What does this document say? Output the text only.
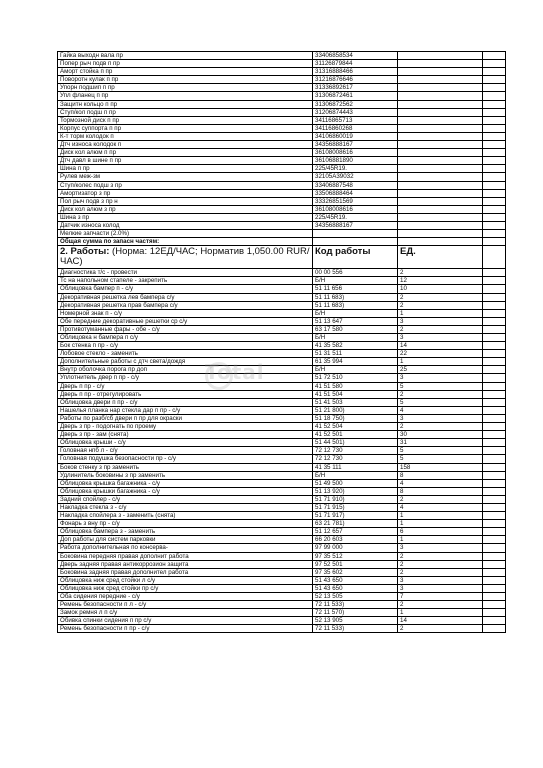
Гайка выходн вала пр	33406858534		
Попер рыч подв п пр	31126879844		
Аморт стойка п пр	31316888466		
Поворотн кулак п пр	31216876646		
Упорн подшип п пр	31336892617		
Упл фланец п пр	31306872461		
Защитн кольцо п пр	31306872562		
Ступ/кол подш п пр	31206874443		
Тормозной диск п пр	34116865713		
Корпус суппорта п пр	34116860268		
К-т торм колодок п	34106860019		
Дтч износа колодок п	34356888167		
Диск кол алюм п пр	36108008616		
Дтч давл в шине п пр	36106881890		
Шина п пр	225/45R19.		
Рулев меж-зм	32105A39032		
Ступ/колес подш з пр	33406887548		
Амортизатор з пр	33506888464		
Пол рыч подв з пр н	33326851569		
Диск кол алюм з пр	36108008616		
Шина з пр	225/45R19.		
Датчик износа колод	34356888167		
Мелкие запчасти (2.0%)			
Общая сумма по запасн частям:			
2. Работы: (Норма: 12ЕД/ЧАС; Норматив 1,050.00 RUR/ЧАС)	Код работы	ЕД.	
Диагностика т/с - провести	00 00 556	2	
Тс на напольном стапеле - закрепить	Б/Н	12	
Облицовка бампер п - с/у	51 11 656	10	
Декоративная решетка лев бампера с/у	51 11 683)	2	
Декоративная решетка прав бампера с/у	51 11 683)	2	
Номерной знак п - с/у	Б/Н	1	
Обе передние декоративные решетки ср с/у	51 13 647	3	
Противотуманные фары - обе - с/у	63 17 580	2	
Облицовка н бампера п с/у	Б/Н	3	
Бок стенка п пр - с/у	41 35 582	14	
Лобовое стекло - заменить	51 31 511	22	
Дополнительные работы с дтч света/дождя	61 35 994	1	
Внутр оболочка порога пр доп	Б/Н	25	
Уплотнитель двер п пр - с/у	51 72 510	3	
Дверь п пр - с/у	41 51 580	5	
Дверь п пр - отрегулировать	41 51 504	2	
Облицовка двери п пр - с/у	51 41 503	5	
Нашелья планка нар стекла дар п пр - с/у	51 21 800)	4	
Работы по разб/сб двери п пр для окраски	51 18 750)	3	
Дверь з пр - подогнать по проему	41 52 504	2	
Дверь з пр - зам (снята)	41 52 501	30	
Облицовка крыши - с/у	51 44 501)	31	
Головная нпб л - с/у	72 12 730	5	
Головная подушка безопасности пр - с/у	72 12 730	5	
Боков стенку з пр заменить	41 35 111	158	
Удлинитель боковины з пр заменить	Б/Н	8	
Облицовка крышка багажника - с/у	51 49 500	4	
Облицовка крышки багажника - с/у	51 13 920)	8	
Задний спойлер - с/у	51 71 910)	2	
Накладка стекла з - с/у	51 71 915)	4	
Накладка спойлера з - заменить (снята)	51 71 917)	1	
Фонарь з вну пр - с/у	63 21 781)	1	
Облицовка бампера з - заменить	51 12 657	6	
Доп работы для систем парковки	66 20 603	1	
Работа дополнительная по консерва-	97 99 000	3	
Боковина передняя правая дополнит работа	97 35 512	2	
Дверь задняя правая антикоррозион защита	97 52 501	2	
Боковина задняя правая дополнител работа	97 35 602	2	
Облицовка ниж сред стойки л с/у	51 43 650	3	
Облицовка ниж сред стойки пр с/у	51 43 650	3	
Оба сидения передние - с/у	52 13 505	7	
Ремень безопасности п л - с/у	72 11 533)	2	
Замок ремня л п с/у	72 11 570)	1	
Обивка спинки сидения п пр с/у	52 13 905	14	
Ремень безопасности п пр - с/у	72 11 533)	2	
Total
